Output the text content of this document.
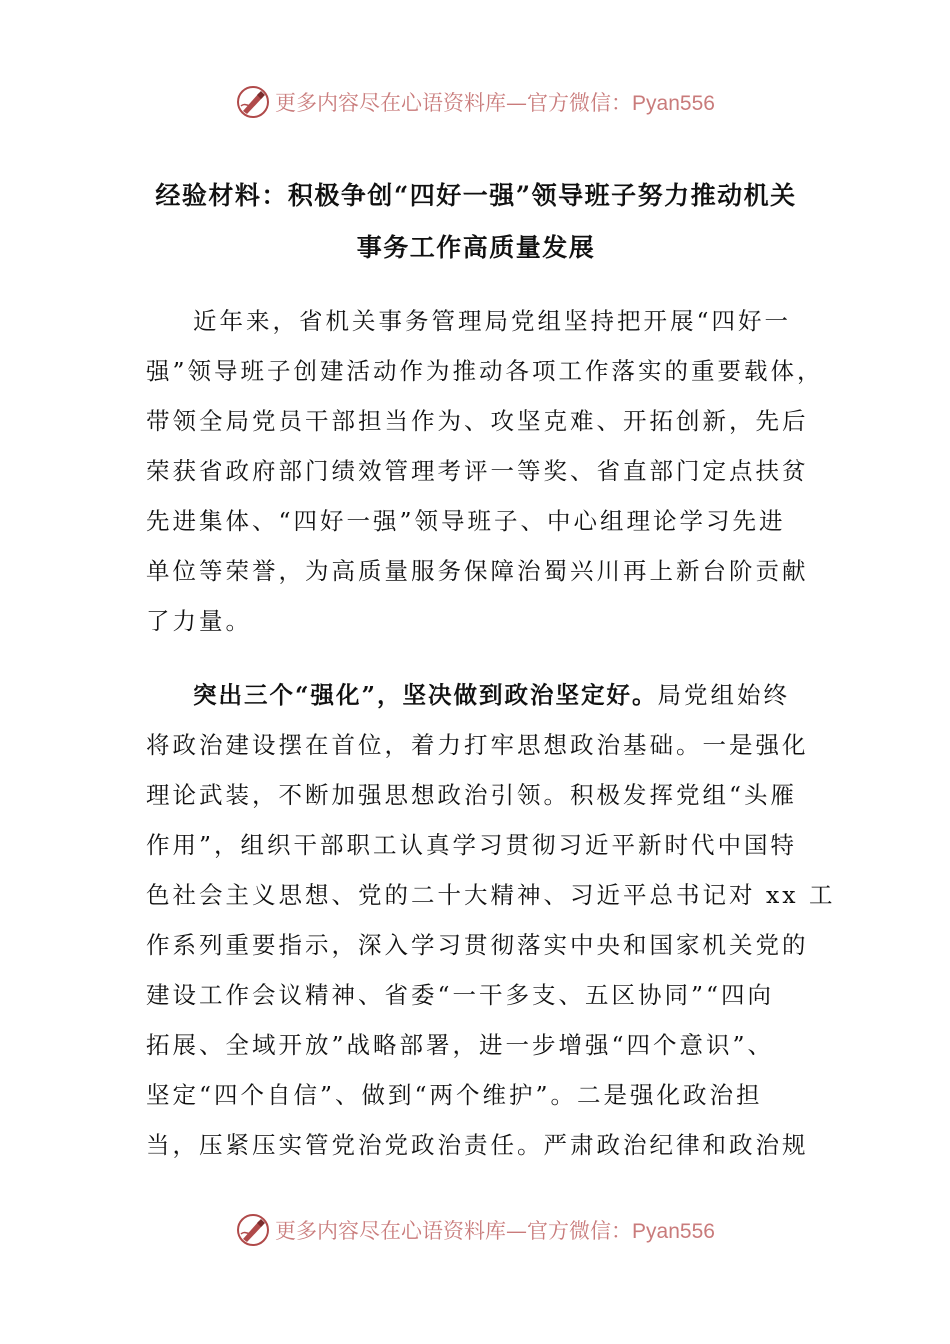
更多内容尽在心语资料库—官方微信：Pyan556
经验材料：积极争创“四好一强”领导班子努力推动机关
事务工作高质量发展
近年来，省机关事务管理局党组坚持把开展“四好一
强”领导班子创建活动作为推动各项工作落实的重要载体，
带领全局党员干部担当作为、攻坚克难、开拓创新，先后
荣获省政府部门绩效管理考评一等奖、省直部门定点扶贫
先进集体、“四好一强”领导班子、中心组理论学习先进
单位等荣誉，为高质量服务保障治蜀兴川再上新台阶贡献
了力量。
突出三个“强化”，坚决做到政治坚定好。局党组始终
将政治建设摆在首位，着力打牢思想政治基础。一是强化
理论武装，不断加强思想政治引领。积极发挥党组“头雁
作用”，组织干部职工认真学习贯彻习近平新时代中国特
色社会主义思想、党的二十大精神、习近平总书记对 xx 工
作系列重要指示，深入学习贯彻落实中央和国家机关党的
建设工作会议精神、省委“一干多支、五区协同”“四向
拓展、全域开放”战略部署，进一步增强“四个意识”、
坚定“四个自信”、做到“两个维护”。二是强化政治担
当，压紧压实管党治党政治责任。严肃政治纪律和政治规
更多内容尽在心语资料库—官方微信：Pyan556
